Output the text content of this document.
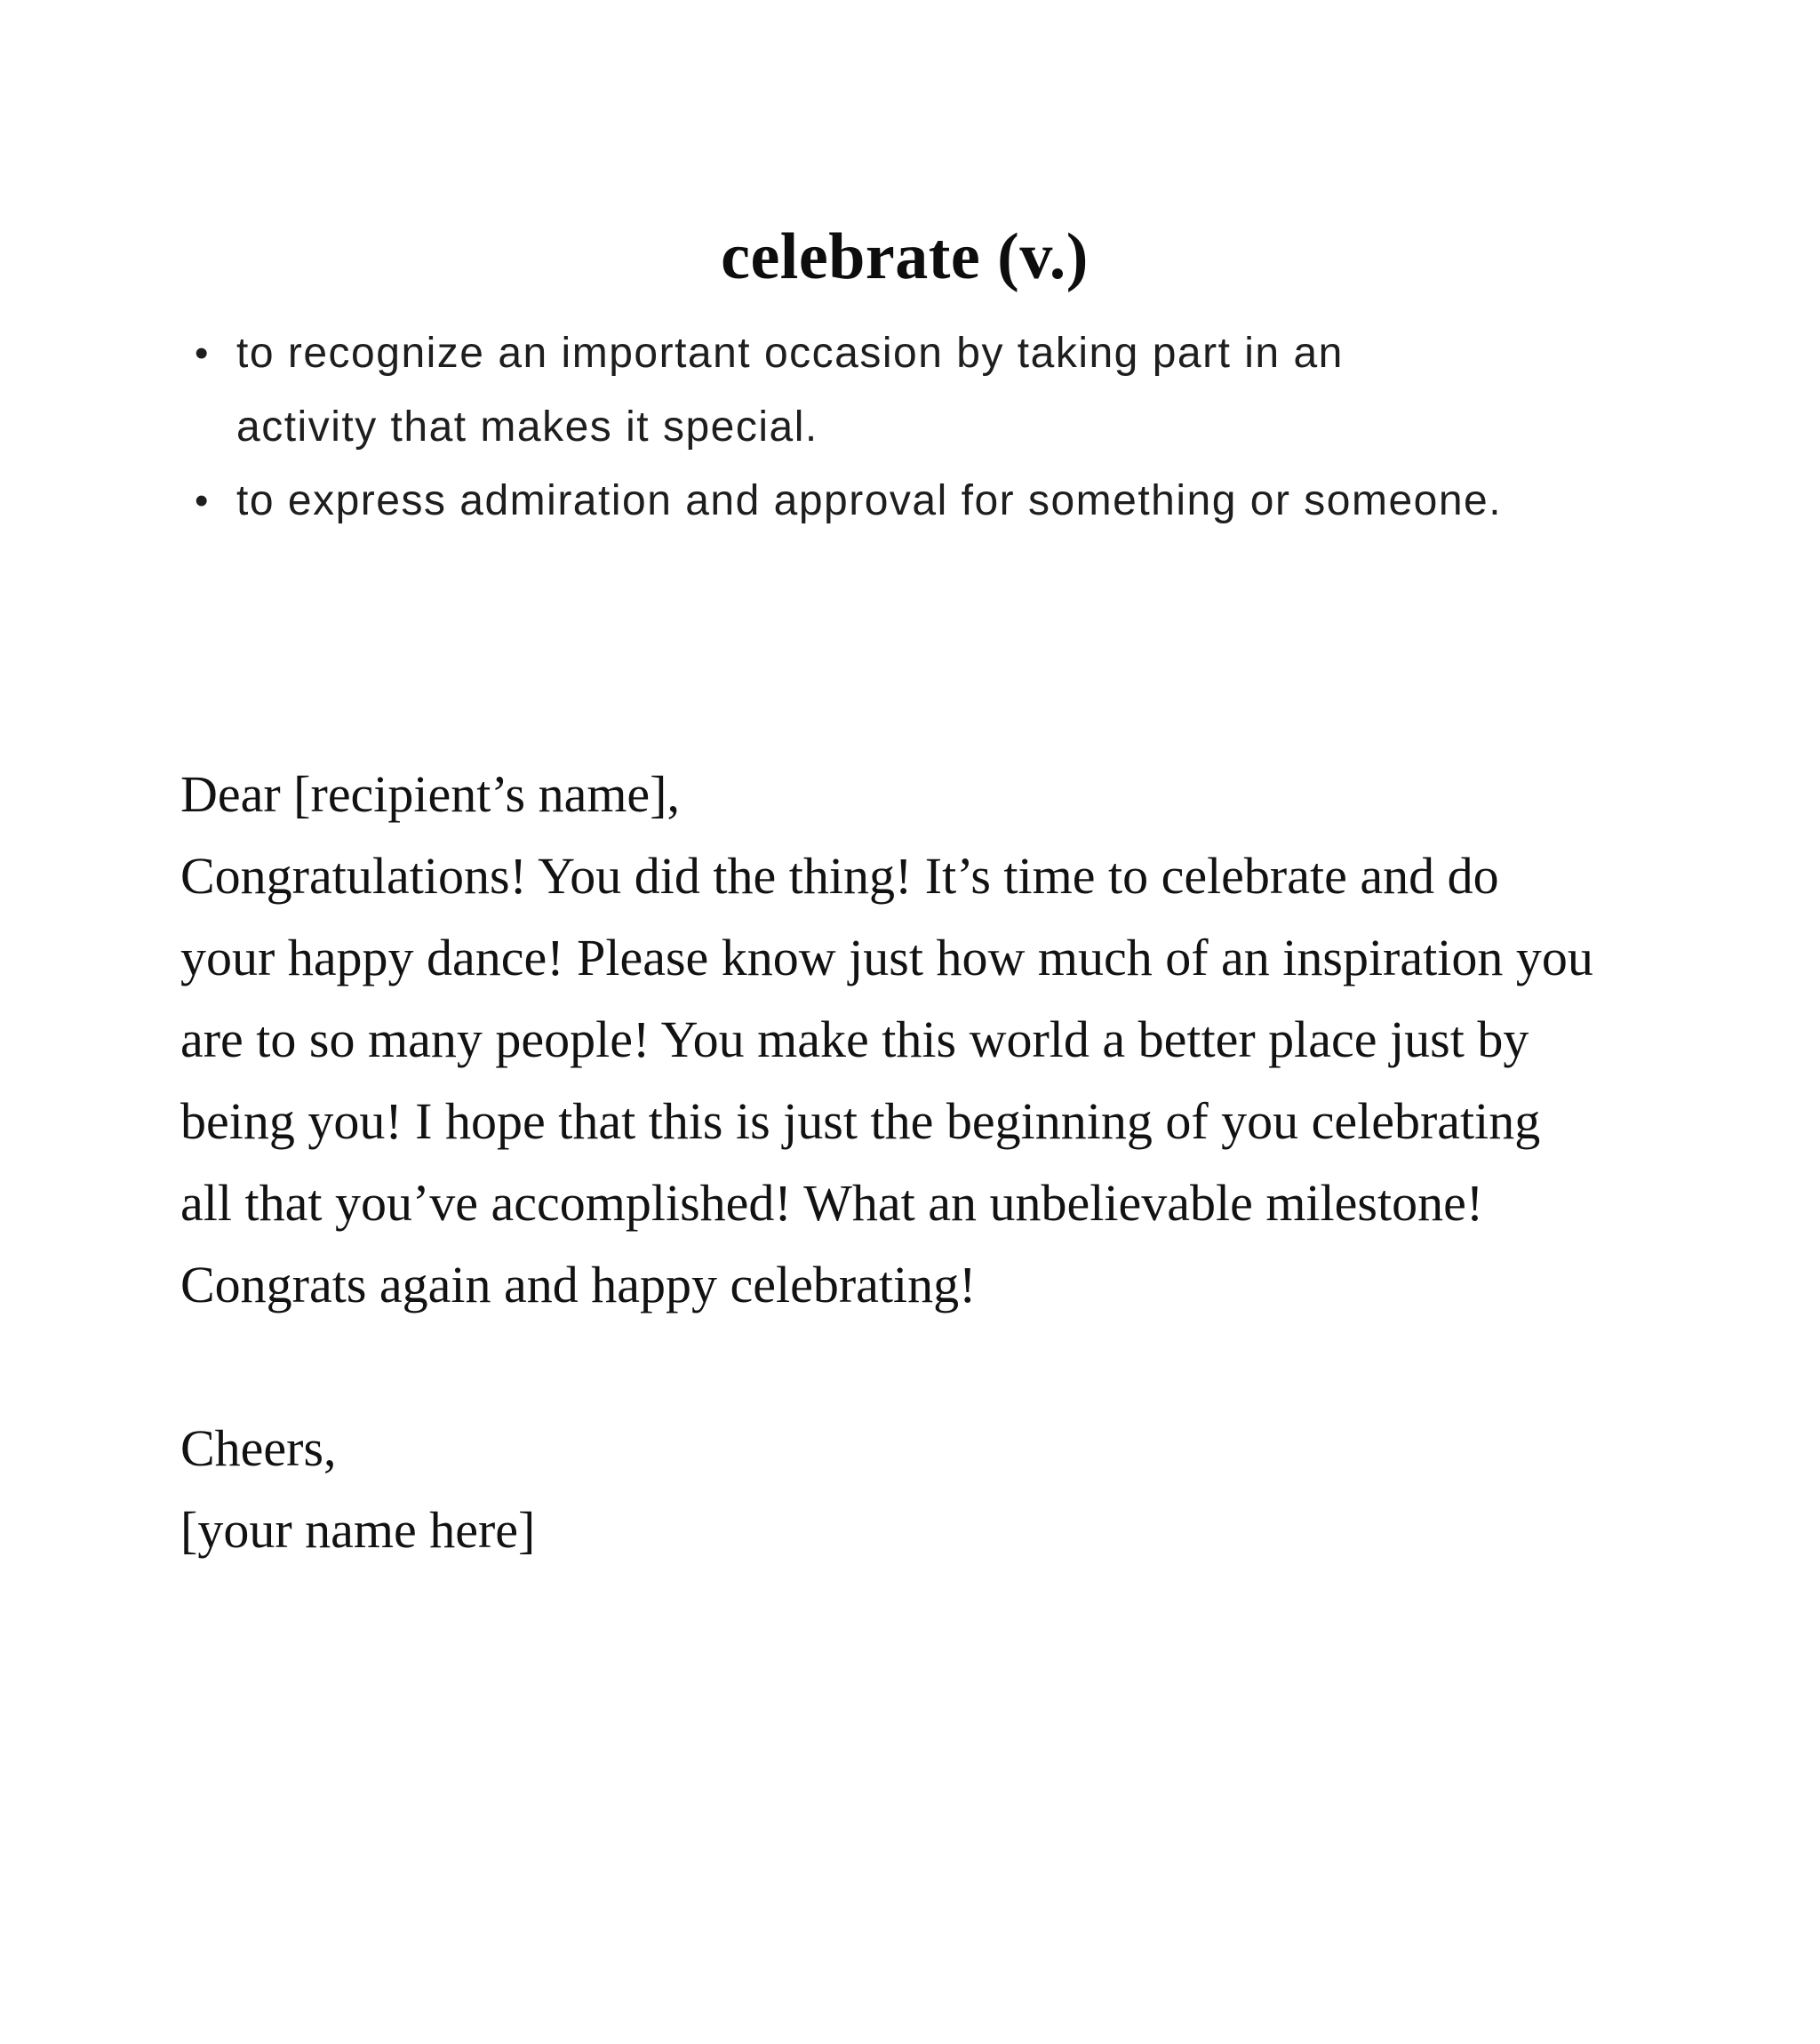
celebrate (v.)
• to recognize an important occasion by taking part in an
activity that makes it special.
• to express admiration and approval for something or someone.
Dear [recipient’s name],
Congratulations! You did the thing! It’s time to celebrate and do
your happy dance! Please know just how much of an inspiration you
are to so many people! You make this world a better place just by
being you! I hope that this is just the beginning of you celebrating
all that you’ve accomplished! What an unbelievable milestone!
Congrats again and happy celebrating!
Cheers,
[your name here]
